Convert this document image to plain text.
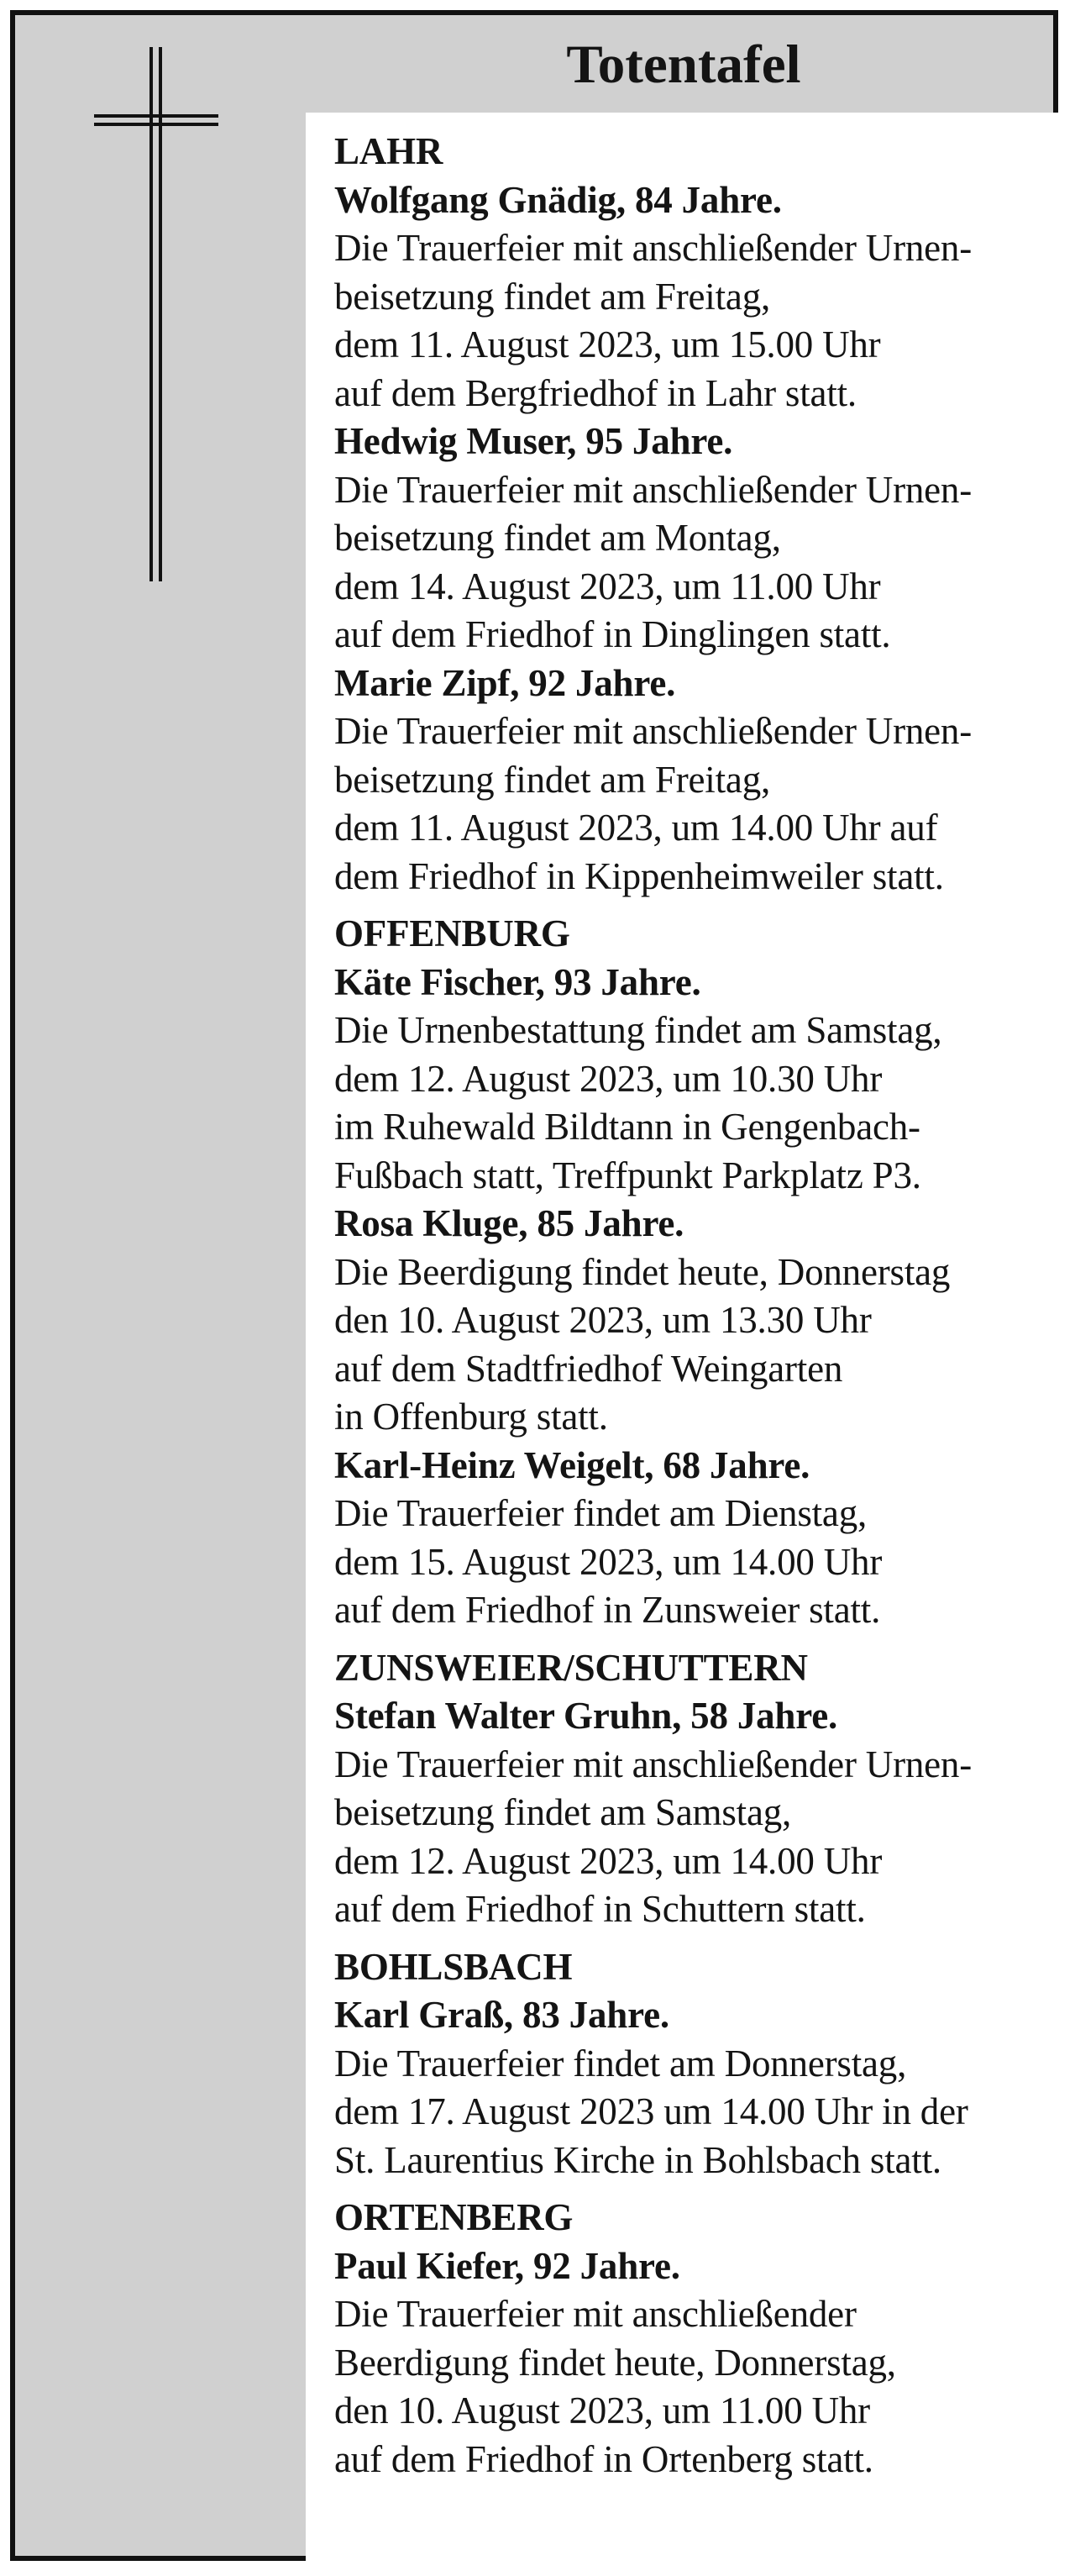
Totentafel
LAHR
Wolfgang Gnädig, 84 Jahre.
Die Trauerfeier mit anschließender Urnen-
beisetzung findet am Freitag,
dem 11. August 2023, um 15.00 Uhr
auf dem Bergfriedhof in Lahr statt.
Hedwig Muser, 95 Jahre.
Die Trauerfeier mit anschließender Urnen-
beisetzung findet am Montag,
dem 14. August 2023, um 11.00 Uhr
auf dem Friedhof in Dinglingen statt.
Marie Zipf, 92 Jahre.
Die Trauerfeier mit anschließender Urnen-
beisetzung findet am Freitag,
dem 11. August 2023, um 14.00 Uhr auf
dem Friedhof in Kippenheimweiler statt.
OFFENBURG
Käte Fischer, 93 Jahre.
Die Urnenbestattung findet am Samstag,
dem 12. August 2023, um 10.30 Uhr
im Ruhewald Bildtann in Gengenbach-
Fußbach statt, Treffpunkt Parkplatz P3.
Rosa Kluge, 85 Jahre.
Die Beerdigung findet heute, Donnerstag
den 10. August 2023, um 13.30 Uhr
auf dem Stadtfriedhof Weingarten
in Offenburg statt.
Karl-Heinz Weigelt, 68 Jahre.
Die Trauerfeier findet am Dienstag,
dem 15. August 2023, um 14.00 Uhr
auf dem Friedhof in Zunsweier statt.
ZUNSWEIER/SCHUTTERN
Stefan Walter Gruhn, 58 Jahre.
Die Trauerfeier mit anschließender Urnen-
beisetzung findet am Samstag,
dem 12. August 2023, um 14.00 Uhr
auf dem Friedhof in Schuttern statt.
BOHLSBACH
Karl Graß, 83 Jahre.
Die Trauerfeier findet am Donnerstag,
dem 17. August 2023 um 14.00 Uhr in der
St. Laurentius Kirche in Bohlsbach statt.
ORTENBERG
Paul Kiefer, 92 Jahre.
Die Trauerfeier mit anschließender
Beerdigung findet heute, Donnerstag,
den 10. August 2023, um 11.00 Uhr
auf dem Friedhof in Ortenberg statt.
